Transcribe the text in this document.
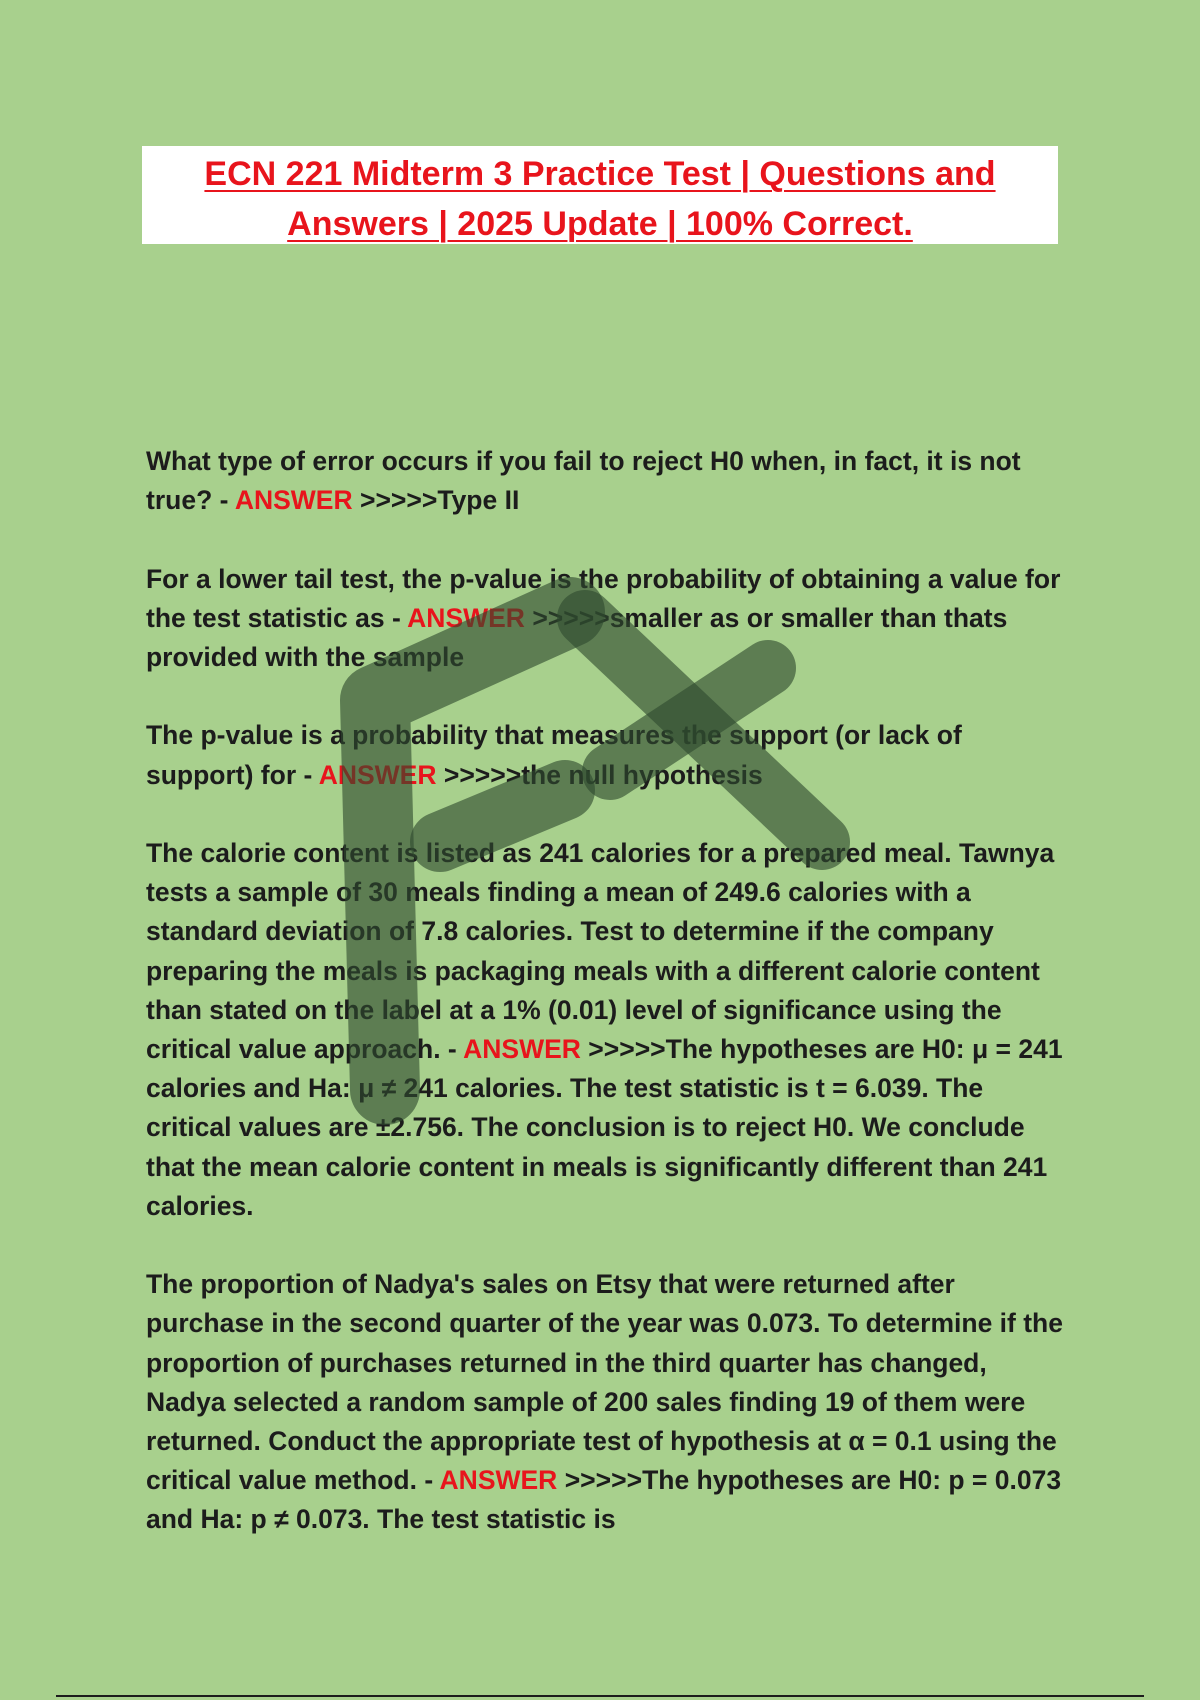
ECN 221 Midterm 3 Practice Test | Questions and
Answers | 2025 Update | 100% Correct.

What type of error occurs if you fail to reject H0 when, in fact, it is not true? - ANSWER >>>>>Type II

For a lower tail test, the p-value is the probability of obtaining a value for the test statistic as - ANSWER >>>>>smaller as or smaller than thats provided with the sample

The p-value is a probability that measures the support (or lack of support) for - ANSWER >>>>>the null hypothesis

The calorie content is listed as 241 calories for a prepared meal. Tawnya tests a sample of 30 meals finding a mean of 249.6 calories with a standard deviation of 7.8 calories. Test to determine if the company preparing the meals is packaging meals with a different calorie content than stated on the label at a 1% (0.01) level of significance using the critical value approach. - ANSWER >>>>>The hypotheses are H0: μ = 241 calories and Ha: μ ≠ 241 calories. The test statistic is t = 6.039. The critical values are ±2.756. The conclusion is to reject H0. We conclude that the mean calorie content in meals is significantly different than 241 calories.

The proportion of Nadya's sales on Etsy that were returned after purchase in the second quarter of the year was 0.073. To determine if the proportion of purchases returned in the third quarter has changed, Nadya selected a random sample of 200 sales finding 19 of them were returned. Conduct the appropriate test of hypothesis at α = 0.1 using the critical value method. - ANSWER >>>>>The hypotheses are H0: p = 0.073 and Ha: p ≠ 0.073. The test statistic is
